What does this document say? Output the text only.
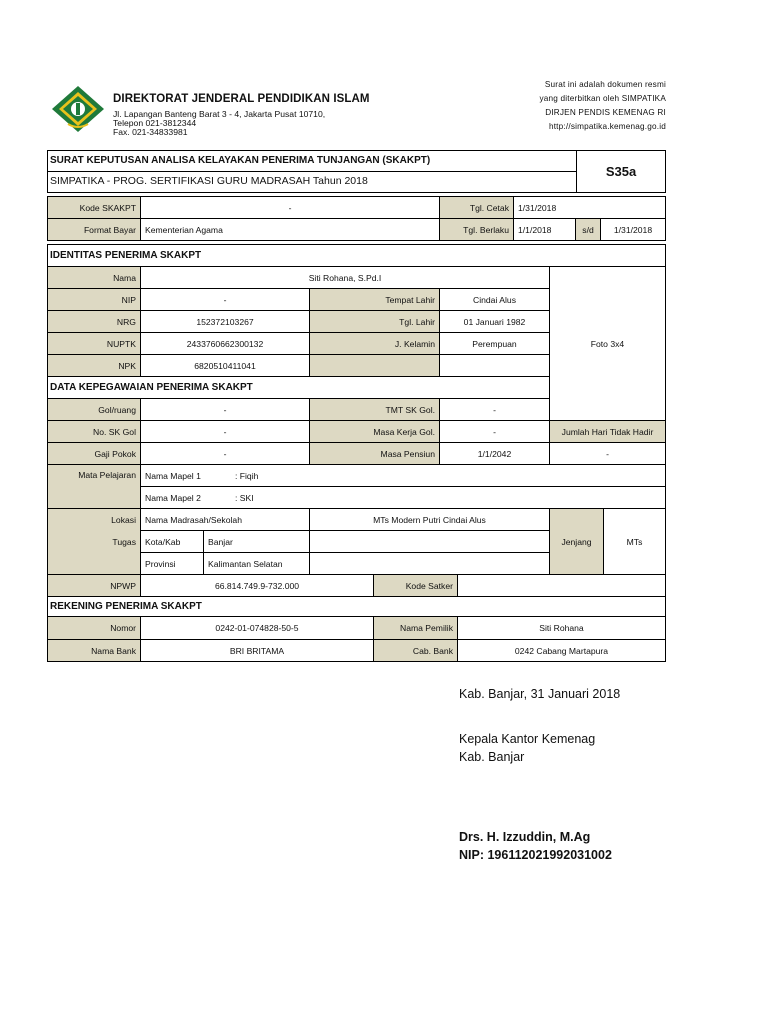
DIREKTORAT JENDERAL PENDIDIKAN ISLAM
Jl. Lapangan Banteng Barat 3 - 4, Jakarta Pusat 10710,
Telepon 021-3812344
Fax. 021-34833981
Surat ini adalah dokumen resmi
yang diterbitkan oleh SIMPATIKA
DIRJEN PENDIS KEMENAG RI
http://simpatika.kemenag.go.id
SURAT KEPUTUSAN ANALISA KELAYAKAN PENERIMA TUNJANGAN (SKAKPT)
SIMPATIKA - PROG. SERTIFIKASI GURU MADRASAH Tahun 2018
S35a
Kode SKAKPT	-	Tgl. Cetak	1/31/2018
Format Bayar	Kementerian Agama	Tgl. Berlaku	1/1/2018	s/d	1/31/2018
IDENTITAS PENERIMA SKAKPT
Nama	Siti Rohana, S.Pd.I
NIP	-	Tempat Lahir	Cindai Alus
NRG	152372103267	Tgl. Lahir	01 Januari 1982
NUPTK	2433760662300132	J. Kelamin	Perempuan
NPK	6820510411041
Foto 3x4
DATA KEPEGAWAIAN PENERIMA SKAKPT
Gol/ruang	-	TMT SK Gol.	-
No. SK Gol	-	Masa Kerja Gol.	-	Jumlah Hari Tidak Hadir
Gaji Pokok	-	Masa Pensiun	1/1/2042	-
Mata Pelajaran	Nama Mapel 1	: Fiqih
Nama Mapel 2	: SKI
Lokasi
Tugas
Nama Madrasah/Sekolah	MTs Modern Putri Cindai Alus
Kota/Kab	Banjar
Provinsi	Kalimantan Selatan
Jenjang	MTs
NPWP	66.814.749.9-732.000	Kode Satker
REKENING PENERIMA SKAKPT
Nomor	0242-01-074828-50-5	Nama Pemilik	Siti Rohana
Nama Bank	BRI BRITAMA	Cab. Bank	0242 Cabang Martapura
Kab. Banjar, 31 Januari 2018
Kepala Kantor Kemenag
Kab. Banjar
Drs. H. Izzuddin, M.Ag
NIP: 196112021992031002
